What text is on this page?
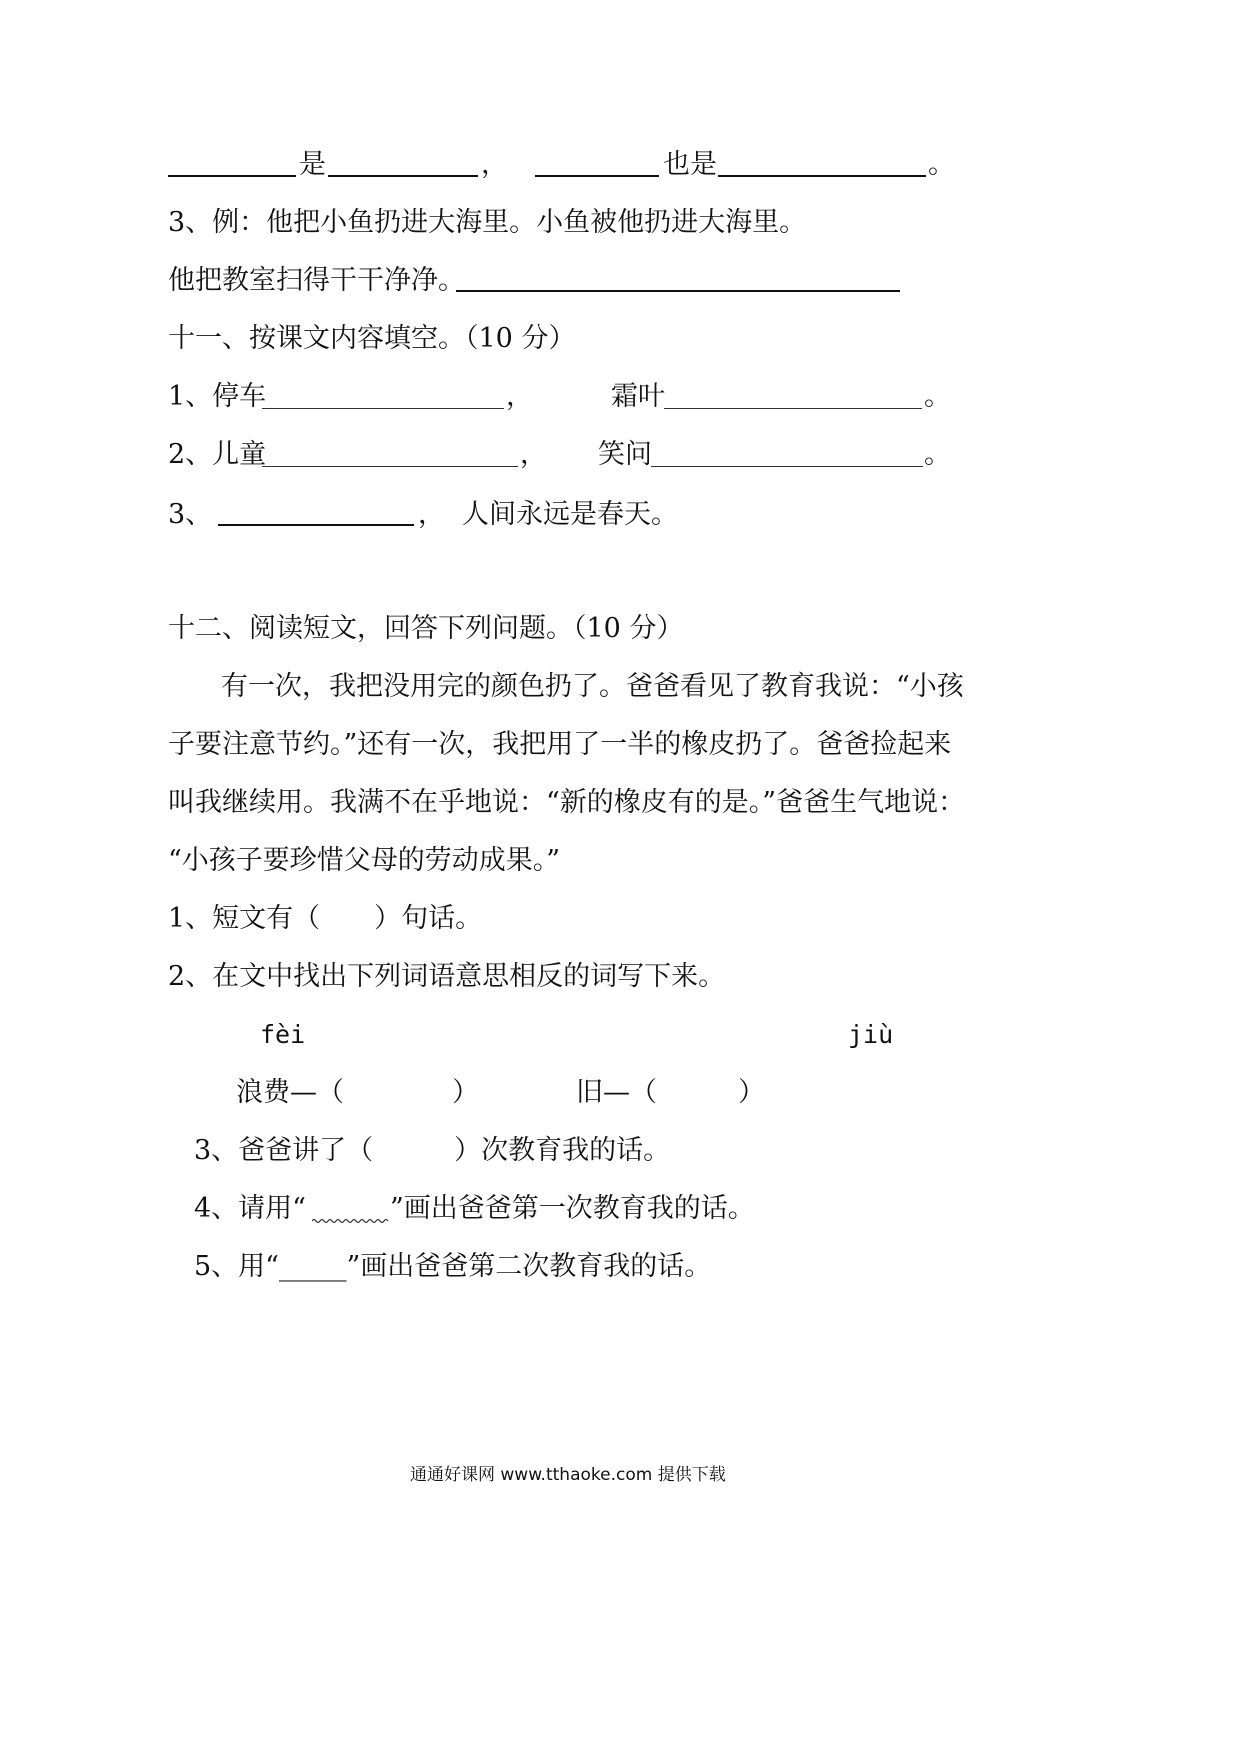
是	，	也是	。
3、例：他把小鱼扔进大海里。小鱼被他扔进大海里。
他把教室扫得干干净净。
十一、按课文内容填空。（10 分）
1、停车	，	霜叶	。
2、儿童	， 笑问	。
3、	， 人间永远是春天。
十二、阅读短文，回答下列问题。（10 分）
有一次，我把没用完的颜色扔了。爸爸看见了教育我说：“小孩
子要注意节约。”还有一次，我把用了一半的橡皮扔了。爸爸捡起来
叫我继续用。我满不在乎地说：“新的橡皮有的是。”爸爸生气地说：
“小孩子要珍惜父母的劳动成果。”
1、短文有（　　）句话。
2、在文中找出下列词语意思相反的词写下来。
fèi	jiù
浪费—（　　　　）	旧—（　　　）
3、爸爸讲了（　　　）次教育我的话。
4、请用“	”画出爸爸第一次教育我的话。
5、用“_____”画出爸爸第二次教育我的话。
通通好课网 www.tthaoke.com 提供下载
